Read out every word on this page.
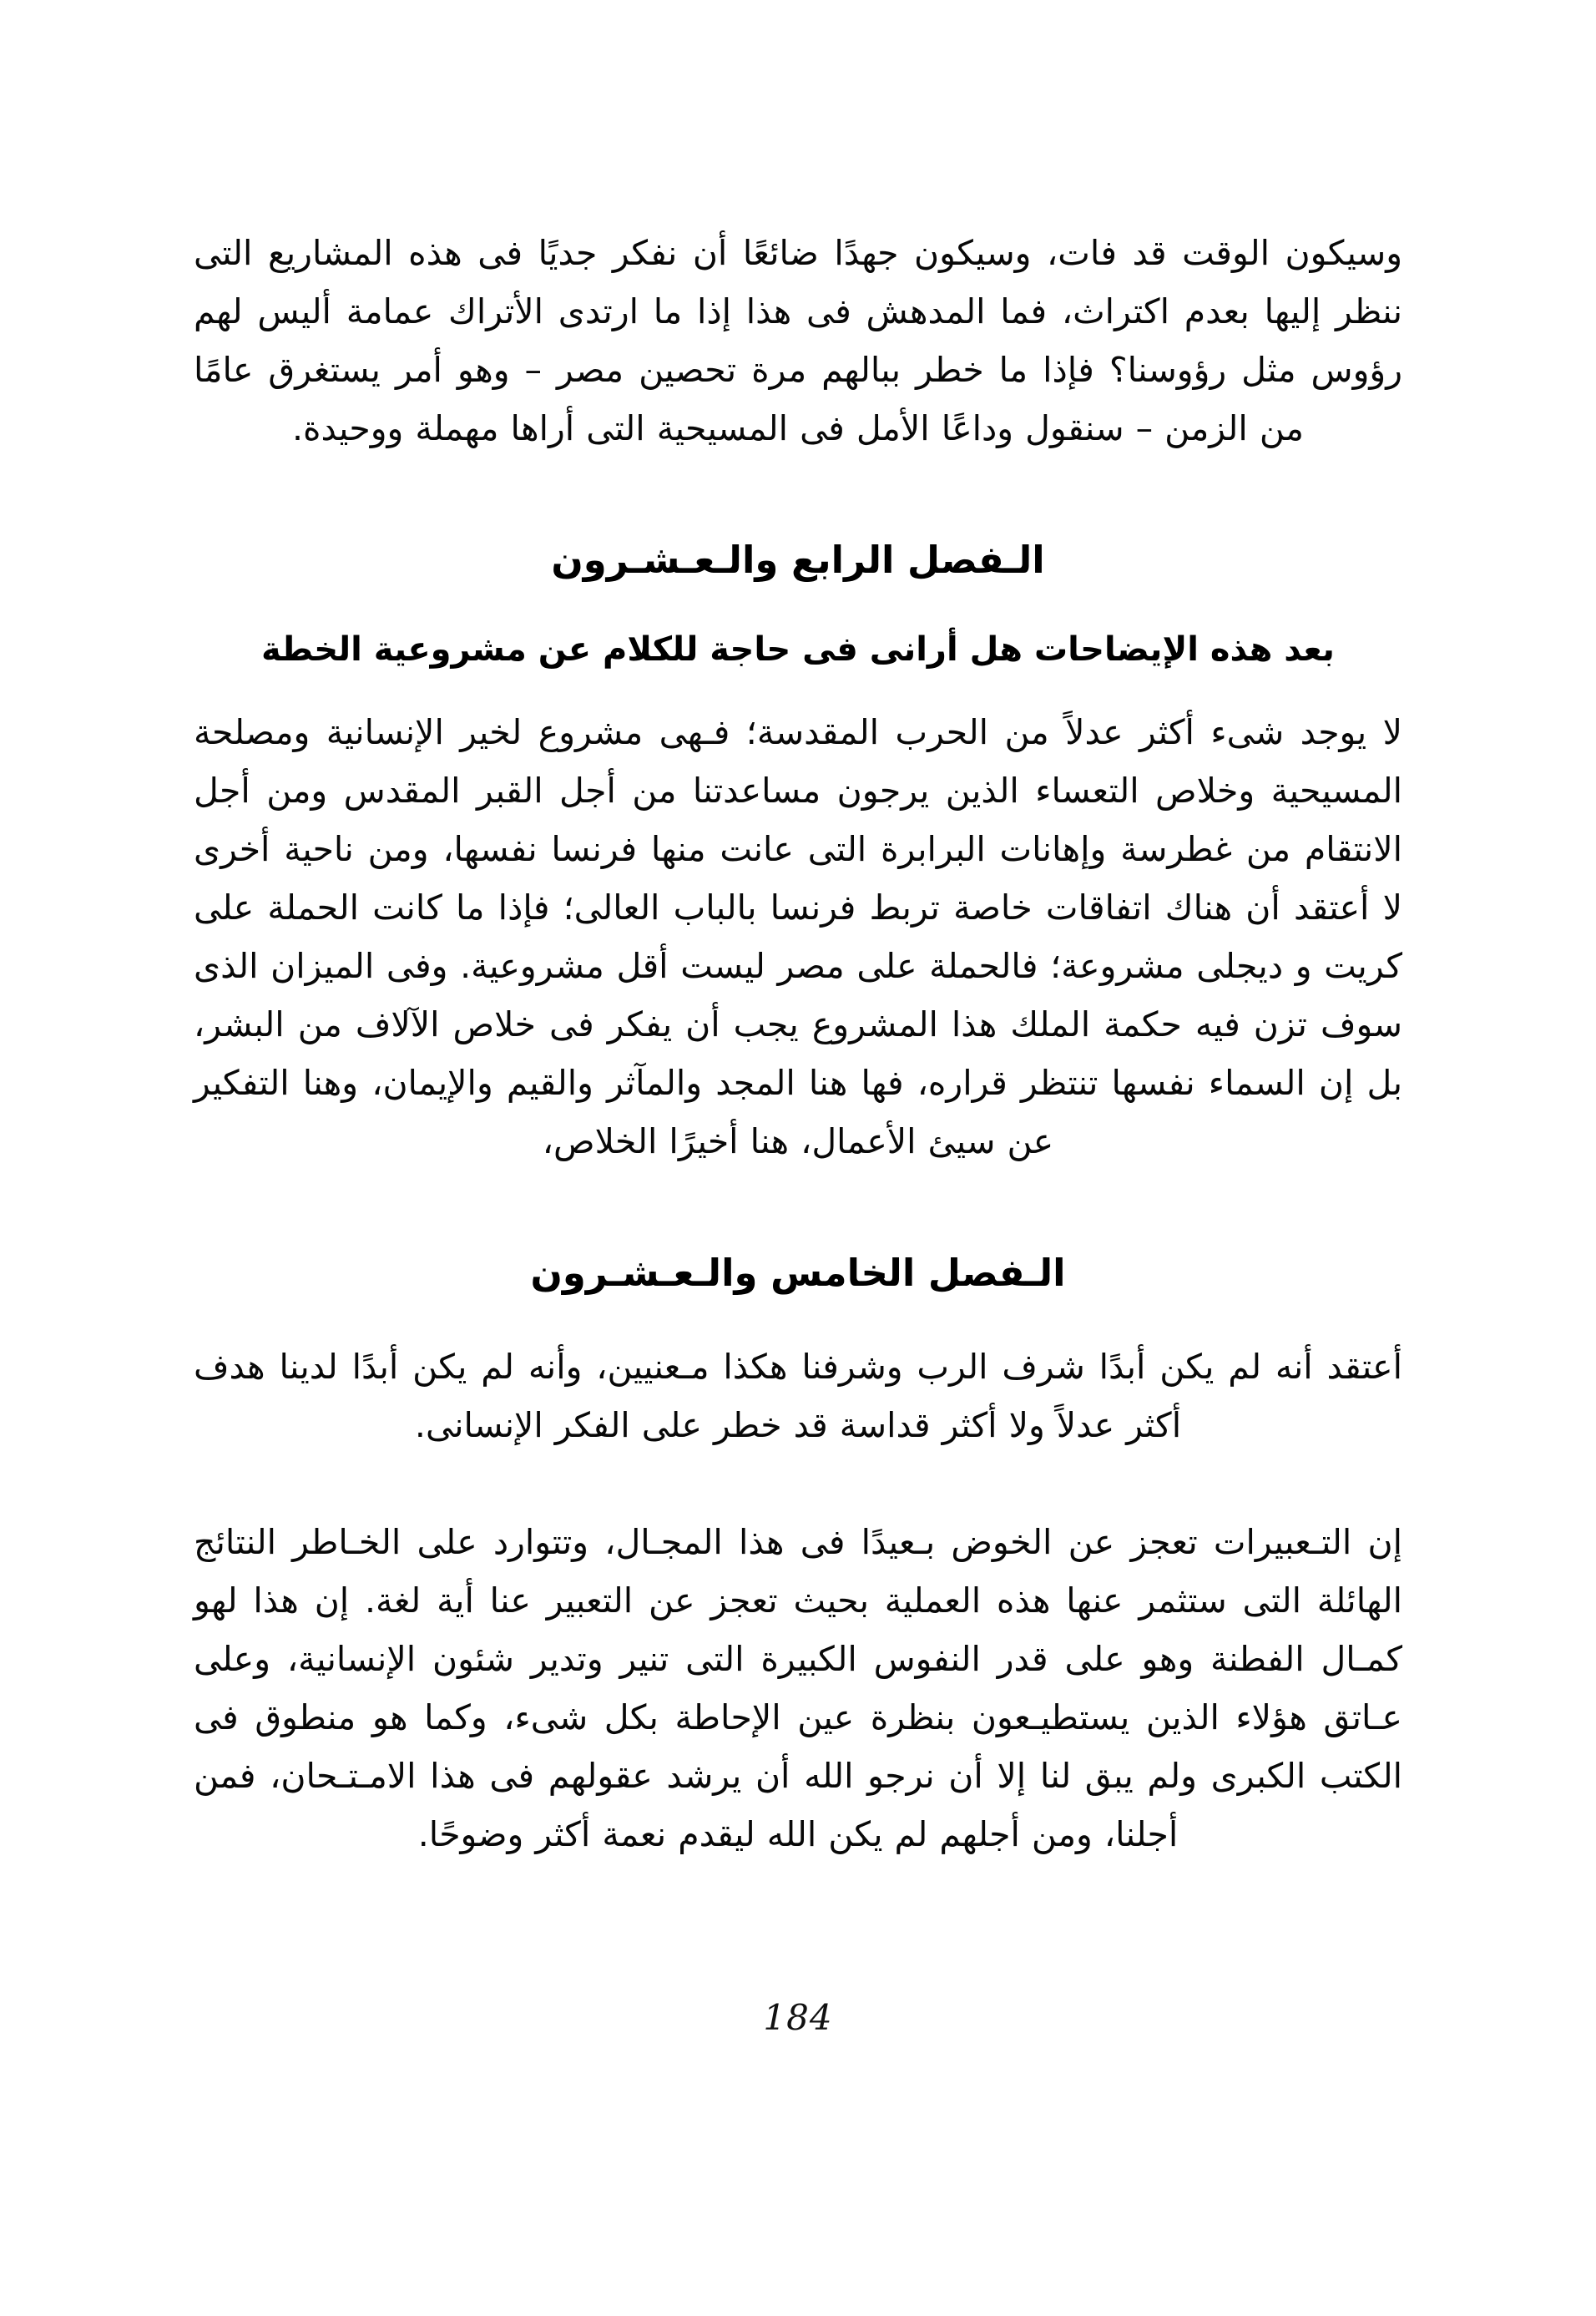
وسيكون الوقت قد فات، وسيكون جهدًا ضائعًا أن نفكر جديًا فى هذه المشاريع التى ننظر إليها بعدم اكتراث، فما المدهش فى هذا إذا ما ارتدى الأتراك عمامة أليس لهم رؤوس مثل رؤوسنا؟ فإذا ما خطر ببالهم مرة تحصين مصر – وهو أمر يستغرق عامًا من الزمن – سنقول وداعًا الأمل فى المسيحية التى أراها مهملة ووحيدة.

الـفصل الرابع والـعـشـرون
بعد هذه الإيضاحات هل أرانى فى حاجة للكلام عن مشروعية الخطة

لا يوجد شىء أكثر عدلاً من الحرب المقدسة؛ فـهى مشروع لخير الإنسانية ومصلحة المسيحية وخلاص التعساء الذين يرجون مساعدتنا من أجل القبر المقدس ومن أجل الانتقام من غطرسة وإهانات البرابرة التى عانت منها فرنسا نفسها، ومن ناحية أخرى لا أعتقد أن هناك اتفاقات خاصة تربط فرنسا بالباب العالى؛ فإذا ما كانت الحملة على كريت و ديجلى مشروعة؛ فالحملة على مصر ليست أقل مشروعية. وفى الميزان الذى سوف تزن فيه حكمة الملك هذا المشروع يجب أن يفكر فى خلاص الآلاف من البشر، بل إن السماء نفسها تنتظر قراره، فها هنا المجد والمآثر والقيم والإيمان، وهنا التفكير عن سيئ الأعمال، هنا أخيرًا الخلاص،

الـفصل الخامس والـعـشـرون

أعتقد أنه لم يكن أبدًا شرف الرب وشرفنا هكذا مـعنيين، وأنه لم يكن أبدًا لدينا هدف أكثر عدلاً ولا أكثر قداسة قد خطر على الفكر الإنسانى.

إن التـعبيرات تعجز عن الخوض بـعيدًا فى هذا المجـال، وتتوارد على الخـاطر النتائج الهائلة التى ستثمر عنها هذه العملية بحيث تعجز عن التعبير عنا أية لغة. إن هذا لهو كمـال الفطنة وهو على قدر النفوس الكبيرة التى تنير وتدير شئون الإنسانية، وعلى عـاتق هؤلاء الذين يستطيـعون بنظرة عين الإحاطة بكل شىء، وكما هو منطوق فى الكتب الكبرى ولم يبق لنا إلا أن نرجو الله أن يرشد عقولهم فى هذا الامـتـحان، فمن أجلنا، ومن أجلهم لم يكن الله ليقدم نعمة أكثر وضوحًا.

184
